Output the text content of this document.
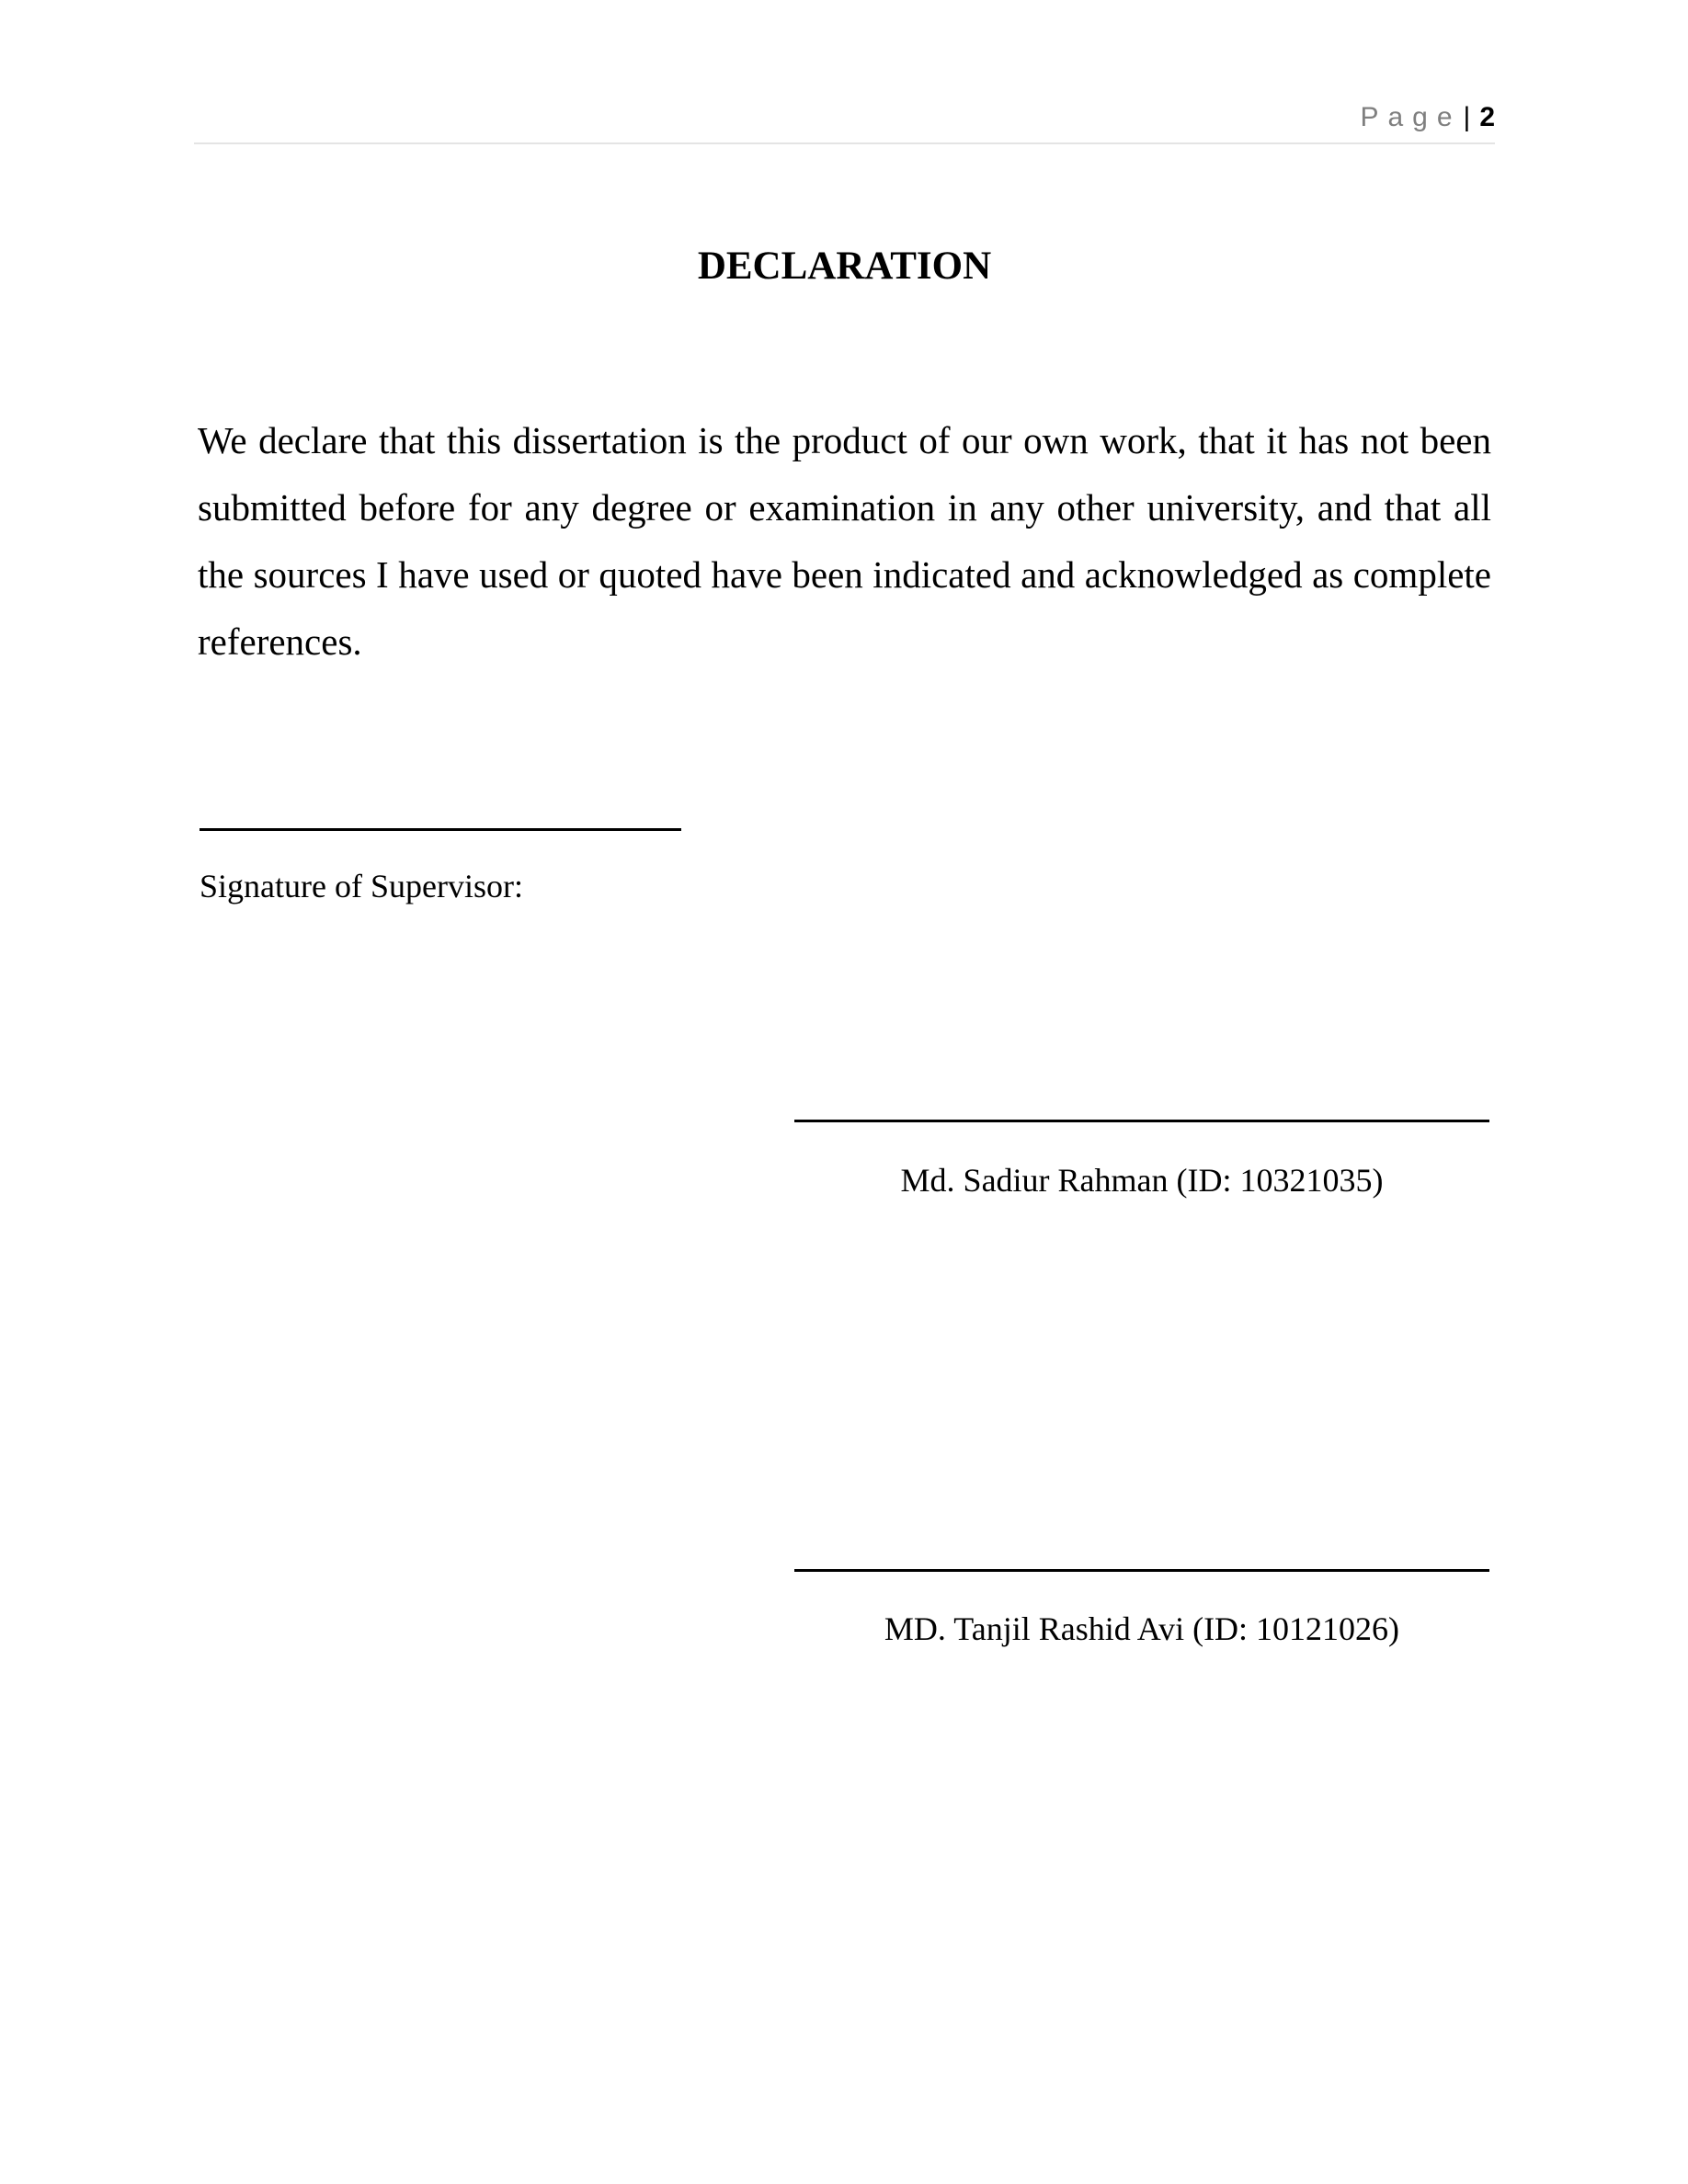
Page| 2
DECLARATION

We declare that this dissertation is the product of our own work, that it has not been submitted before for any degree or examination in any other university, and that all the sources I have used or quoted have been indicated and acknowledged as complete references.

Signature of Supervisor:
Md. Sadiur Rahman (ID: 10321035)
MD. Tanjil Rashid Avi (ID: 10121026)
